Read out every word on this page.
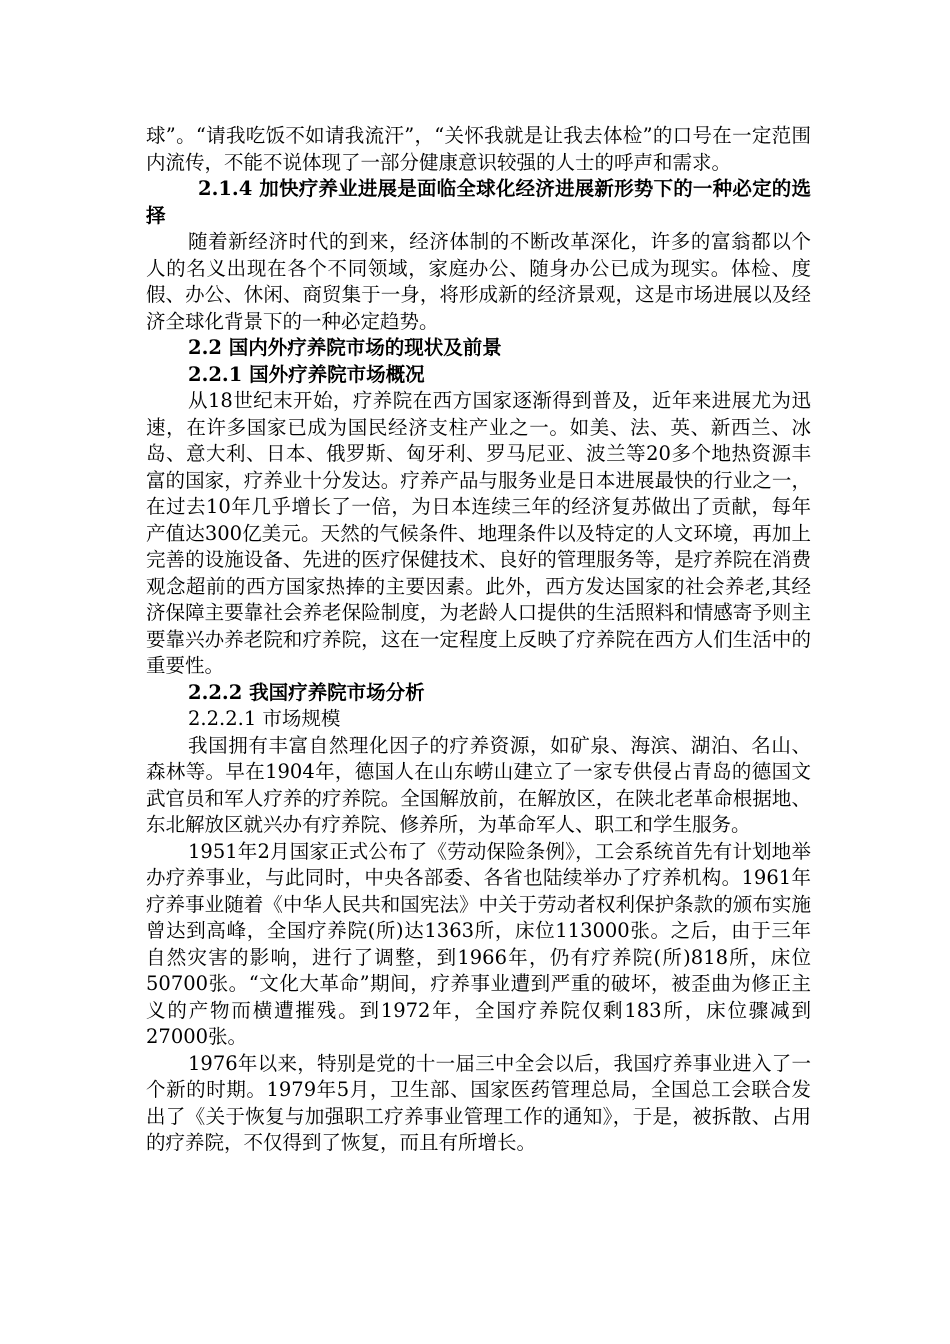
球”。“请我吃饭不如请我流汗”，“关怀我就是让我去体检”的口号在一定范围内流传，不能不说体现了一部分健康意识较强的人士的呼声和需求。

2.1.4 加快疗养业进展是面临全球化经济进展新形势下的一种必定的选择

随着新经济时代的到来，经济体制的不断改革深化，许多的富翁都以个人的名义出现在各个不同领域，家庭办公、随身办公已成为现实。体检、度假、办公、休闲、商贸集于一身，将形成新的经济景观，这是市场进展以及经济全球化背景下的一种必定趋势。

2.2 国内外疗养院市场的现状及前景

2.2.1 国外疗养院市场概况

从18世纪末开始，疗养院在西方国家逐渐得到普及，近年来进展尤为迅速，在许多国家已成为国民经济支柱产业之一。如美、法、英、新西兰、冰岛、意大利、日本、俄罗斯、匈牙利、罗马尼亚、波兰等20多个地热资源丰富的国家，疗养业十分发达。疗养产品与服务业是日本进展最快的行业之一，在过去10年几乎增长了一倍，为日本连续三年的经济复苏做出了贡献，每年产值达300亿美元。天然的气候条件、地理条件以及特定的人文环境，再加上完善的设施设备、先进的医疗保健技术、良好的管理服务等，是疗养院在消费观念超前的西方国家热捧的主要因素。此外，西方发达国家的社会养老,其经济保障主要靠社会养老保险制度，为老龄人口提供的生活照料和情感寄予则主要靠兴办养老院和疗养院，这在一定程度上反映了疗养院在西方人们生活中的重要性。

2.2.2 我国疗养院市场分析

2.2.2.1 市场规模

我国拥有丰富自然理化因子的疗养资源，如矿泉、海滨、湖泊、名山、森林等。早在1904年，德国人在山东崂山建立了一家专供侵占青岛的德国文武官员和军人疗养的疗养院。全国解放前，在解放区，在陕北老革命根据地、东北解放区就兴办有疗养院、修养所，为革命军人、职工和学生服务。

1951年2月国家正式公布了《劳动保险条例》，工会系统首先有计划地举办疗养事业，与此同时，中央各部委、各省也陆续举办了疗养机构。1961年疗养事业随着《中华人民共和国宪法》中关于劳动者权利保护条款的颁布实施曾达到高峰，全国疗养院(所)达1363所，床位113000张。之后，由于三年自然灾害的影响，进行了调整，到1966年，仍有疗养院(所)818所，床位50700张。“文化大革命”期间，疗养事业遭到严重的破坏，被歪曲为修正主义的产物而横遭摧残。到1972年，全国疗养院仅剩183所，床位骤减到27000张。

1976年以来，特别是党的十一届三中全会以后，我国疗养事业进入了一个新的时期。1979年5月，卫生部、国家医药管理总局，全国总工会联合发出了《关于恢复与加强职工疗养事业管理工作的通知》，于是，被拆散、占用的疗养院，不仅得到了恢复，而且有所增长。
